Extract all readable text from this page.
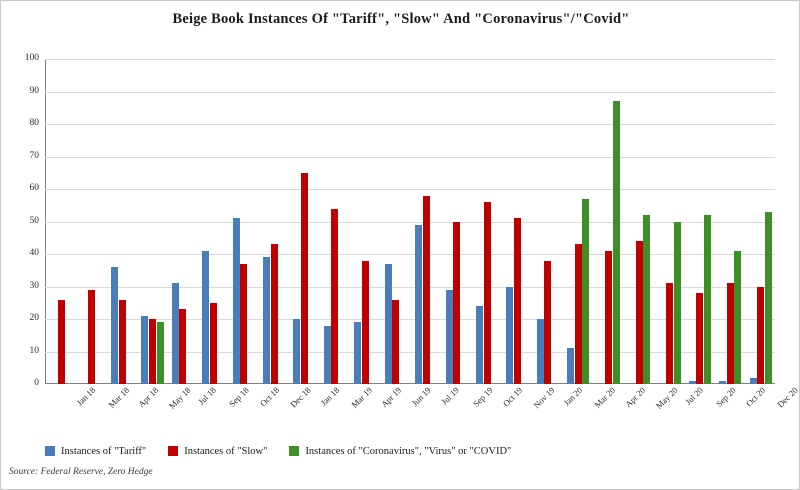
Beige Book Instances Of "Tariff", "Slow" And "Coronavirus"/"Covid"
0
10
20
30
40
50
60
70
80
90
100
Jan 18 Mar 18 Apr 18 May 18 Jul 18 Sep 18 Oct 18 Dec 18 Jan 18 Mar 19 Apr 19 Jun 19 Jul 19 Sep 19 Oct 19 Nov 19 Jan 20 Mar 20 Apr 20 May 20 Jul 20 Sep 20 Oct 20 Dec 20
Instances of "Tariff"	Instances of "Slow"	Instances of "Coronavirus", "Virus" or "COVID"
Source: Federal Reserve, Zero Hedge
